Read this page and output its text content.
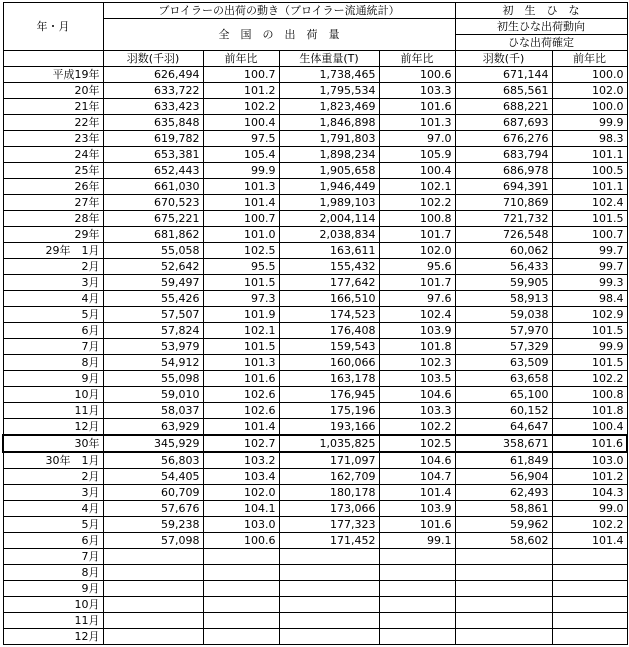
年・月	ブロイラーの出荷の動き（ブロイラー流通統計）				初　生　ひ　な	
	全　国　の　出　荷　量				初生ひな出荷動向	
					ひな出荷確定	
	羽数(千羽)	前年比	生体重量(T)	前年比	羽数(千)	前年比
平成19年	626,494	100.7	1,738,465	100.6	671,144	100.0
20年	633,722	101.2	1,795,534	103.3	685,561	102.0
21年	633,423	102.2	1,823,469	101.6	688,221	100.0
22年	635,848	100.4	1,846,898	101.3	687,693	99.9
23年	619,782	97.5	1,791,803	97.0	676,276	98.3
24年	653,381	105.4	1,898,234	105.9	683,794	101.1
25年	652,443	99.9	1,905,658	100.4	686,978	100.5
26年	661,030	101.3	1,946,449	102.1	694,391	101.1
27年	670,523	101.4	1,989,103	102.2	710,869	102.4
28年	675,221	100.7	2,004,114	100.8	721,732	101.5
29年	681,862	101.0	2,038,834	101.7	726,548	100.7
29年　1月	55,058	102.5	163,611	102.0	60,062	99.7
2月	52,642	95.5	155,432	95.6	56,433	99.7
3月	59,497	101.5	177,642	101.7	59,905	99.3
4月	55,426	97.3	166,510	97.6	58,913	98.4
5月	57,507	101.9	174,523	102.4	59,038	102.9
6月	57,824	102.1	176,408	103.9	57,970	101.5
7月	53,979	101.5	159,543	101.8	57,329	99.9
8月	54,912	101.3	160,066	102.3	63,509	101.5
9月	55,098	101.6	163,178	103.5	63,658	102.2
10月	59,010	102.6	176,945	104.6	65,100	100.8
11月	58,037	102.6	175,196	103.3	60,152	101.8
12月	63,929	101.4	193,166	102.2	64,647	100.4
30年	345,929	102.7	1,035,825	102.5	358,671	101.6
30年　1月	56,803	103.2	171,097	104.6	61,849	103.0
2月	54,405	103.4	162,709	104.7	56,904	101.2
3月	60,709	102.0	180,178	101.4	62,493	104.3
4月	57,676	104.1	173,066	103.9	58,861	99.0
5月	59,238	103.0	177,323	101.6	59,962	102.2
6月	57,098	100.6	171,452	99.1	58,602	101.4
7月						
8月						
9月						
10月						
11月						
12月						
